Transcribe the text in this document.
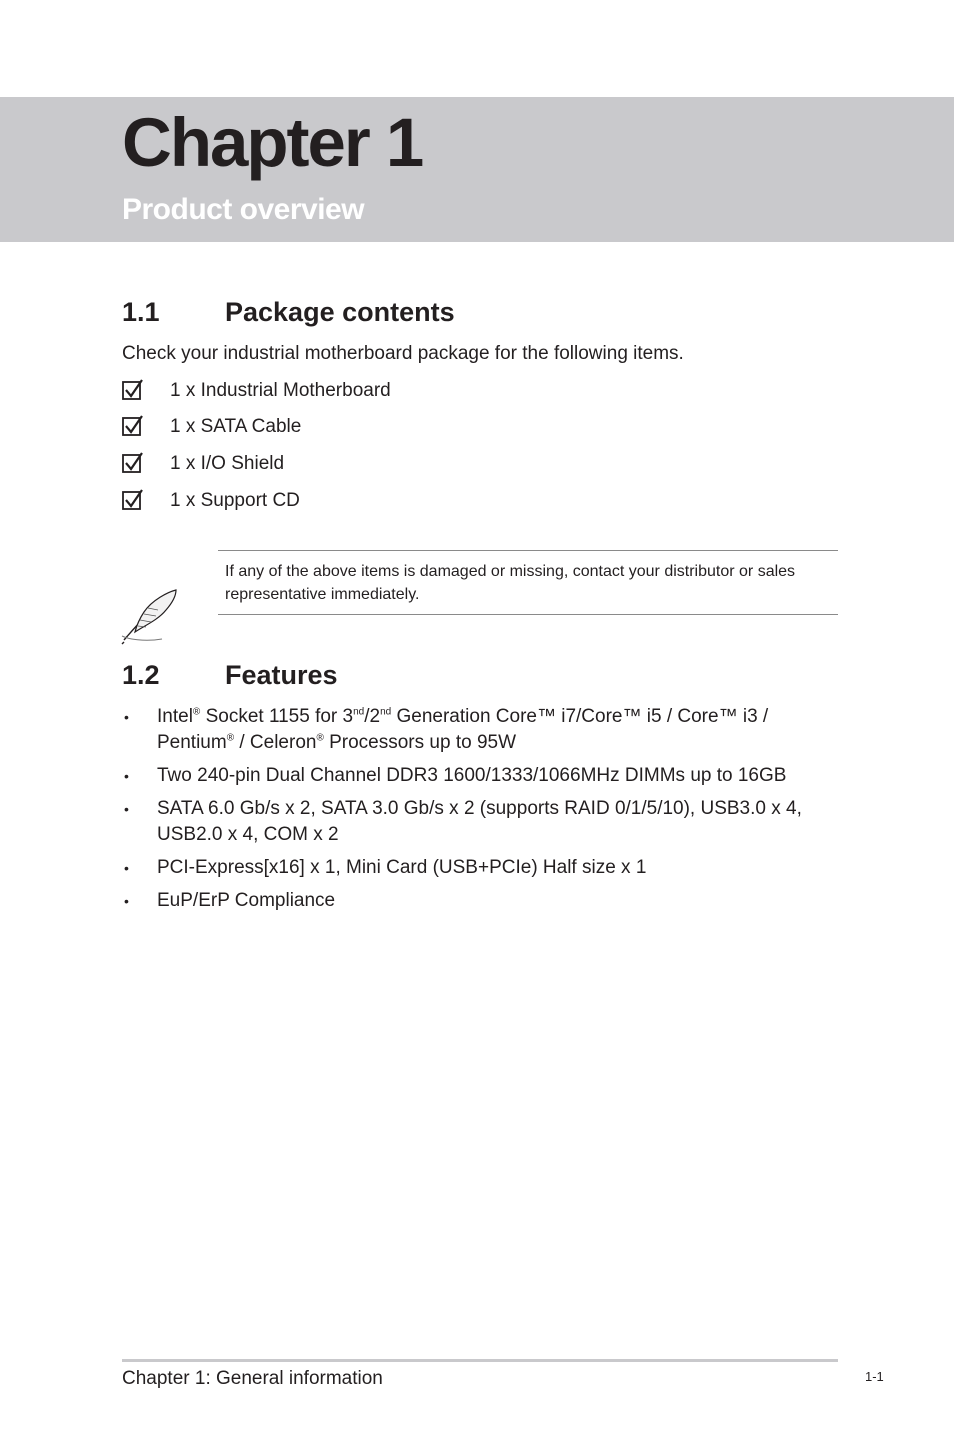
Chapter 1
Product overview
1.1 Package contents
Check your industrial motherboard package for the following items.
1 x Industrial Motherboard
1 x SATA Cable
1 x I/O Shield
1 x Support CD

If any of the above items is damaged or missing, contact your distributor or sales representative immediately.

1.2 Features
• Intel® Socket 1155 for 3nd/2nd Generation Core™ i7/Core™ i5 / Core™ i3 / Pentium® / Celeron® Processors up to 95W
• Two 240-pin Dual Channel DDR3 1600/1333/1066MHz DIMMs up to 16GB
• SATA 6.0 Gb/s x 2, SATA 3.0 Gb/s x 2 (supports RAID 0/1/5/10), USB3.0 x 4, USB2.0 x 4, COM x 2
• PCI-Express[x16] x 1, Mini Card (USB+PCIe) Half size x 1
• EuP/ErP Compliance
Chapter 1: General information	1-1
